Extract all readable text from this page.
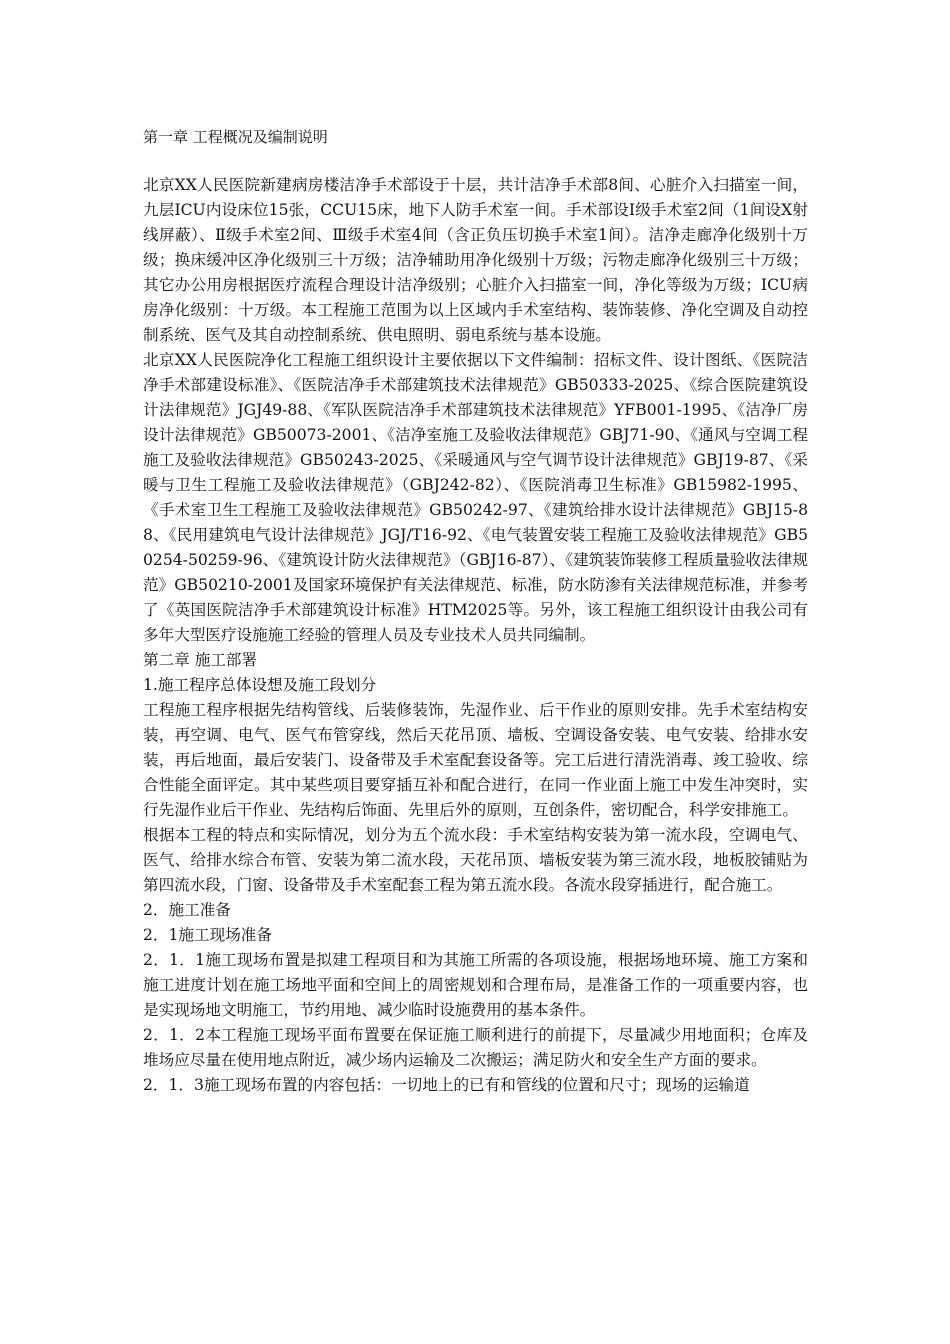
第一章 工程概况及编制说明

北京XX人民医院新建病房楼洁净手术部设于十层，共计洁净手术部8间、心脏介入扫描室一间，九层ICU内设床位15张，CCU15床，地下人防手术室一间。手术部设Ⅰ级手术室2间（1间设X射线屏蔽）、Ⅱ级手术室2间、Ⅲ级手术室4间（含正负压切换手术室1间）。洁净走廊净化级别十万级；换床缓冲区净化级别三十万级；洁净辅助用净化级别十万级；污物走廊净化级别三十万级；其它办公用房根据医疗流程合理设计洁净级别；心脏介入扫描室一间，净化等级为万级；ICU病房净化级别：十万级。本工程施工范围为以上区域内手术室结构、装饰装修、净化空调及自动控制系统、医气及其自动控制系统、供电照明、弱电系统与基本设施。

北京XX人民医院净化工程施工组织设计主要依据以下文件编制：招标文件、设计图纸、《医院洁净手术部建设标准》、《医院洁净手术部建筑技术法律规范》GB50333-2025、《综合医院建筑设计法律规范》JGJ49-88、《军队医院洁净手术部建筑技术法律规范》YFB001-1995、《洁净厂房设计法律规范》GB50073-2001、《洁净室施工及验收法律规范》GBJ71-90、《通风与空调工程施工及验收法律规范》GB50243-2025、《采暖通风与空气调节设计法律规范》GBJ19-87、《采暖与卫生工程施工及验收法律规范》（GBJ242-82）、《医院消毒卫生标准》GB15982-1995、《手术室卫生工程施工及验收法律规范》GB50242-97、《建筑给排水设计法律规范》GBJ15-88、《民用建筑电气设计法律规范》JGJ/T16-92、《电气装置安装工程施工及验收法律规范》GB50254-50259-96、《建筑设计防火法律规范》（GBJ16-87）、《建筑装饰装修工程质量验收法律规范》GB50210-2001及国家环境保护有关法律规范、标准，防水防渗有关法律规范标准，并参考了《英国医院洁净手术部建筑设计标准》HTM2025等。另外，该工程施工组织设计由我公司有多年大型医疗设施施工经验的管理人员及专业技术人员共同编制。

第二章 施工部署

1.施工程序总体设想及施工段划分

工程施工程序根据先结构管线、后装修装饰，先湿作业、后干作业的原则安排。先手术室结构安装，再空调、电气、医气布管穿线，然后天花吊顶、墙板、空调设备安装、电气安装、给排水安装，再后地面，最后安装门、设备带及手术室配套设备等。完工后进行清洗消毒、竣工验收、综合性能全面评定。其中某些项目要穿插互补和配合进行，在同一作业面上施工中发生冲突时，实行先湿作业后干作业、先结构后饰面、先里后外的原则，互创条件，密切配合，科学安排施工。

根据本工程的特点和实际情况，划分为五个流水段：手术室结构安装为第一流水段，空调电气、医气、给排水综合布管、安装为第二流水段，天花吊顶、墙板安装为第三流水段，地板胶铺贴为第四流水段，门窗、设备带及手术室配套工程为第五流水段。各流水段穿插进行，配合施工。

2．施工准备

2．1施工现场准备

2．1．1施工现场布置是拟建工程项目和为其施工所需的各项设施，根据场地环境、施工方案和施工进度计划在施工场地平面和空间上的周密规划和合理布局，是准备工作的一项重要内容，也是实现场地文明施工，节约用地、减少临时设施费用的基本条件。

2．1．2本工程施工现场平面布置要在保证施工顺利进行的前提下，尽量减少用地面积；仓库及堆场应尽量在使用地点附近，减少场内运输及二次搬运；满足防火和安全生产方面的要求。

2．1．3施工现场布置的内容包括：一切地上的已有和管线的位置和尺寸；现场的运输道
